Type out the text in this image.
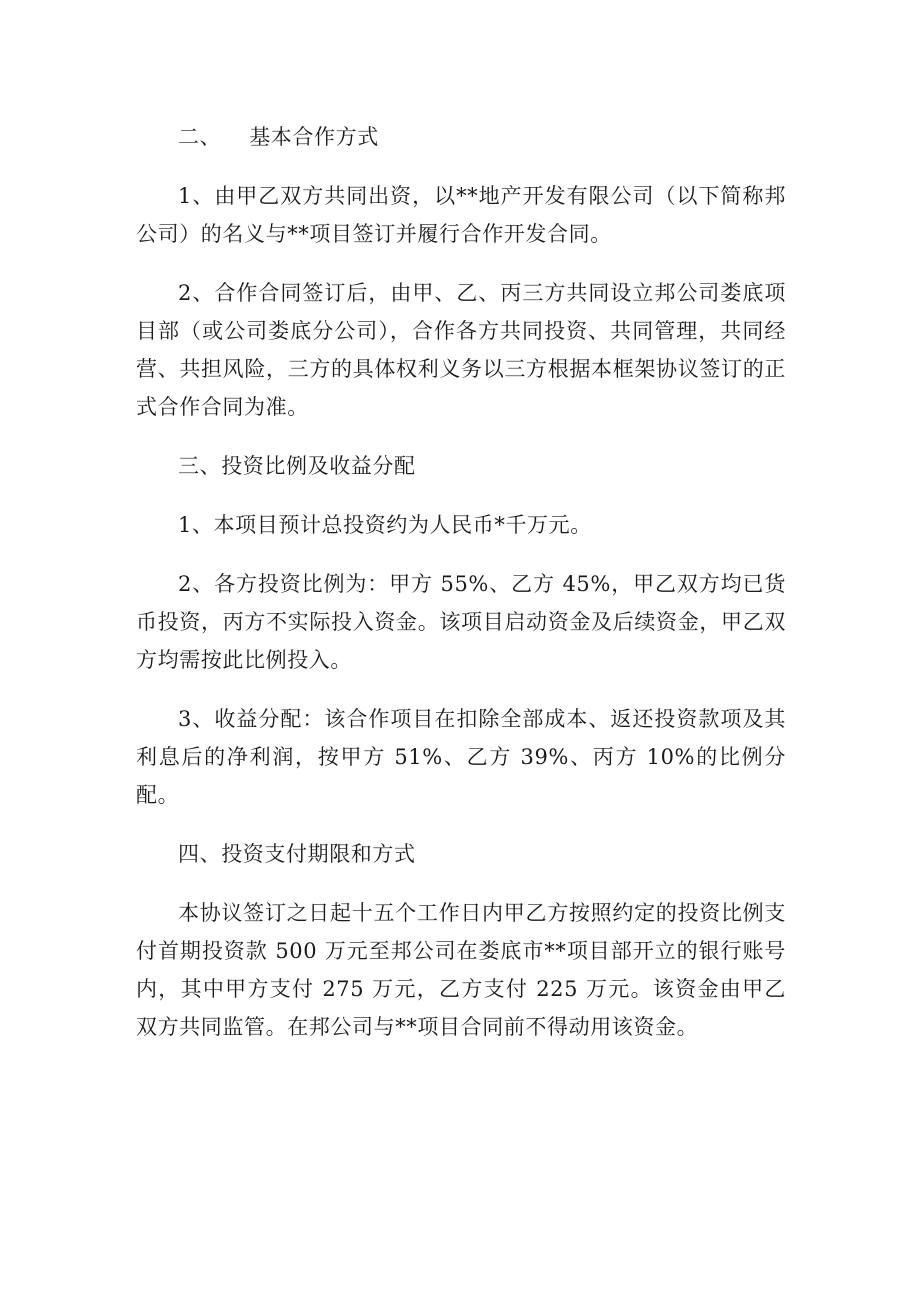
二、 基本合作方式

1、由甲乙双方共同出资，以**地产开发有限公司（以下简称邦公司）的名义与**项目签订并履行合作开发合同。

2、合作合同签订后，由甲、乙、丙三方共同设立邦公司娄底项目部（或公司娄底分公司），合作各方共同投资、共同管理，共同经营、共担风险，三方的具体权利义务以三方根据本框架协议签订的正式合作合同为准。

三、投资比例及收益分配

1、本项目预计总投资约为人民币*千万元。

2、各方投资比例为：甲方 55%、乙方 45%，甲乙双方均已货币投资，丙方不实际投入资金。该项目启动资金及后续资金，甲乙双方均需按此比例投入。

3、收益分配：该合作项目在扣除全部成本、返还投资款项及其利息后的净利润，按甲方 51%、乙方 39%、丙方 10%的比例分配。

四、投资支付期限和方式

本协议签订之日起十五个工作日内甲乙方按照约定的投资比例支付首期投资款 500 万元至邦公司在娄底市**项目部开立的银行账号内，其中甲方支付 275 万元，乙方支付 225 万元。该资金由甲乙双方共同监管。在邦公司与**项目合同前不得动用该资金。
